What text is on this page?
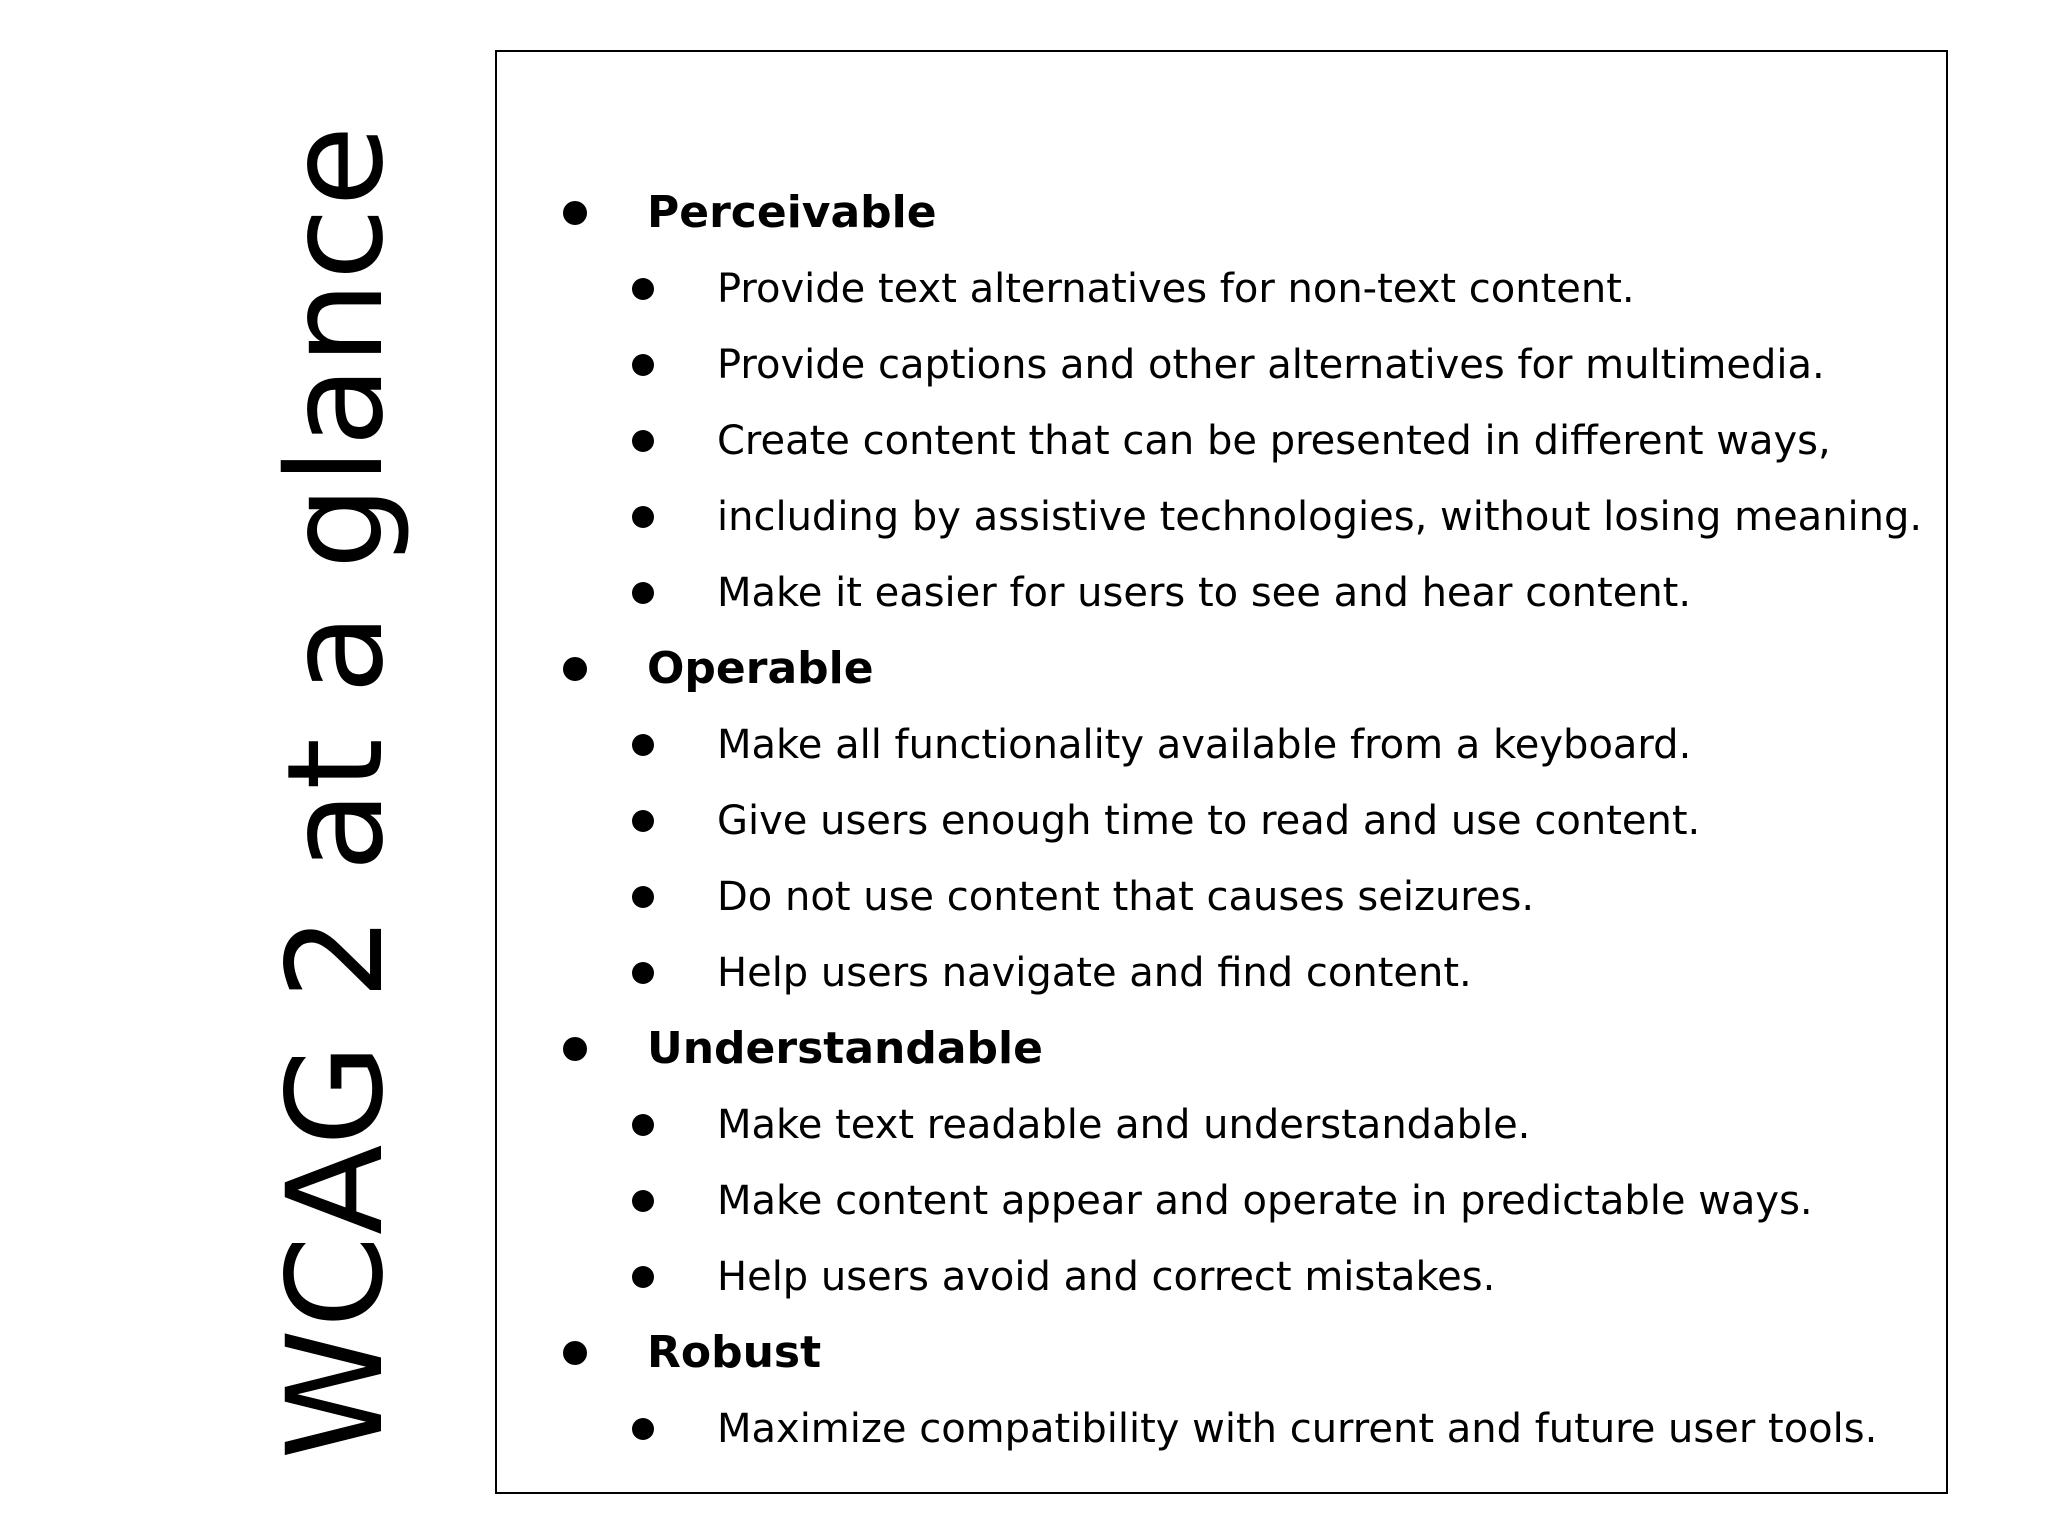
WCAG 2 at a glance	Perceivable
Provide text alternatives for non-text content.
Provide captions and other alternatives for multimedia.
Create content that can be presented in different ways,
including by assistive technologies, without losing meaning.
Make it easier for users to see and hear content.
Operable
Make all functionality available from a keyboard.
Give users enough time to read and use content.
Do not use content that causes seizures.
Help users navigate and find content.
Understandable
Make text readable and understandable.
Make content appear and operate in predictable ways.
Help users avoid and correct mistakes.
Robust
Maximize compatibility with current and future user tools.
